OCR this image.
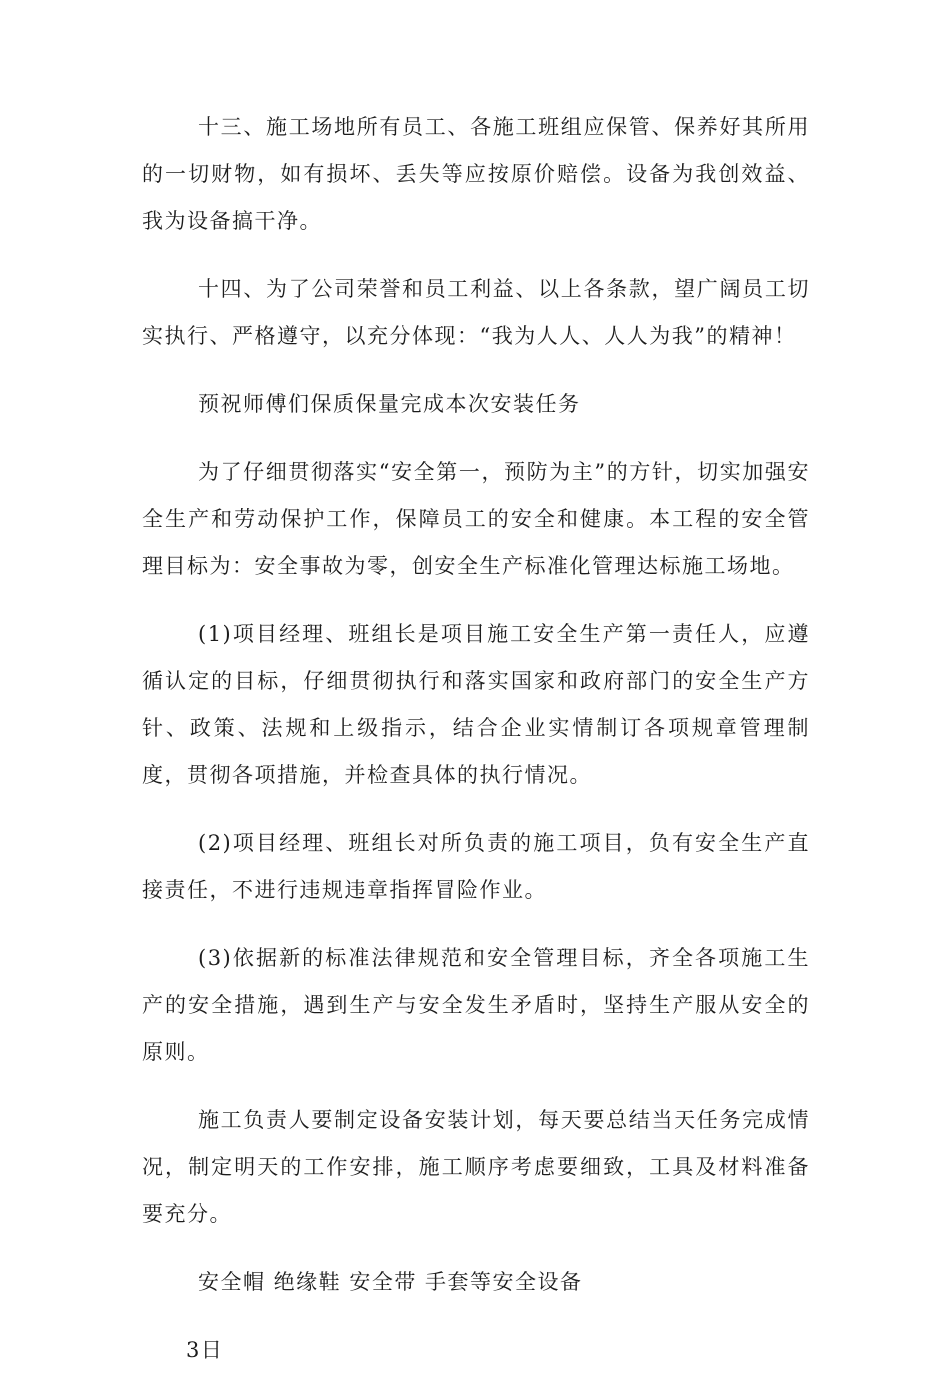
十三、施工场地所有员工、各施工班组应保管、保养好其所用的一切财物，如有损坏、丢失等应按原价赔偿。设备为我创效益、我为设备搞干净。

十四、为了公司荣誉和员工利益、以上各条款，望广阔员工切实执行、严格遵守，以充分体现：“我为人人、人人为我”的精神！

预祝师傅们保质保量完成本次安装任务

为了仔细贯彻落实“安全第一，预防为主”的方针，切实加强安全生产和劳动保护工作，保障员工的安全和健康。本工程的安全管理目标为：安全事故为零，创安全生产标准化管理达标施工场地。

(1)项目经理、班组长是项目施工安全生产第一责任人，应遵循认定的目标，仔细贯彻执行和落实国家和政府部门的安全生产方针、政策、法规和上级指示，结合企业实情制订各项规章管理制度，贯彻各项措施，并检查具体的执行情况。

(2)项目经理、班组长对所负责的施工项目，负有安全生产直接责任，不进行违规违章指挥冒险作业。

(3)依据新的标准法律规范和安全管理目标，齐全各项施工生产的安全措施，遇到生产与安全发生矛盾时，坚持生产服从安全的原则。

施工负责人要制定设备安装计划，每天要总结当天任务完成情况，制定明天的工作安排，施工顺序考虑要细致，工具及材料准备要充分。

安全帽 绝缘鞋 安全带 手套等安全设备

3日
